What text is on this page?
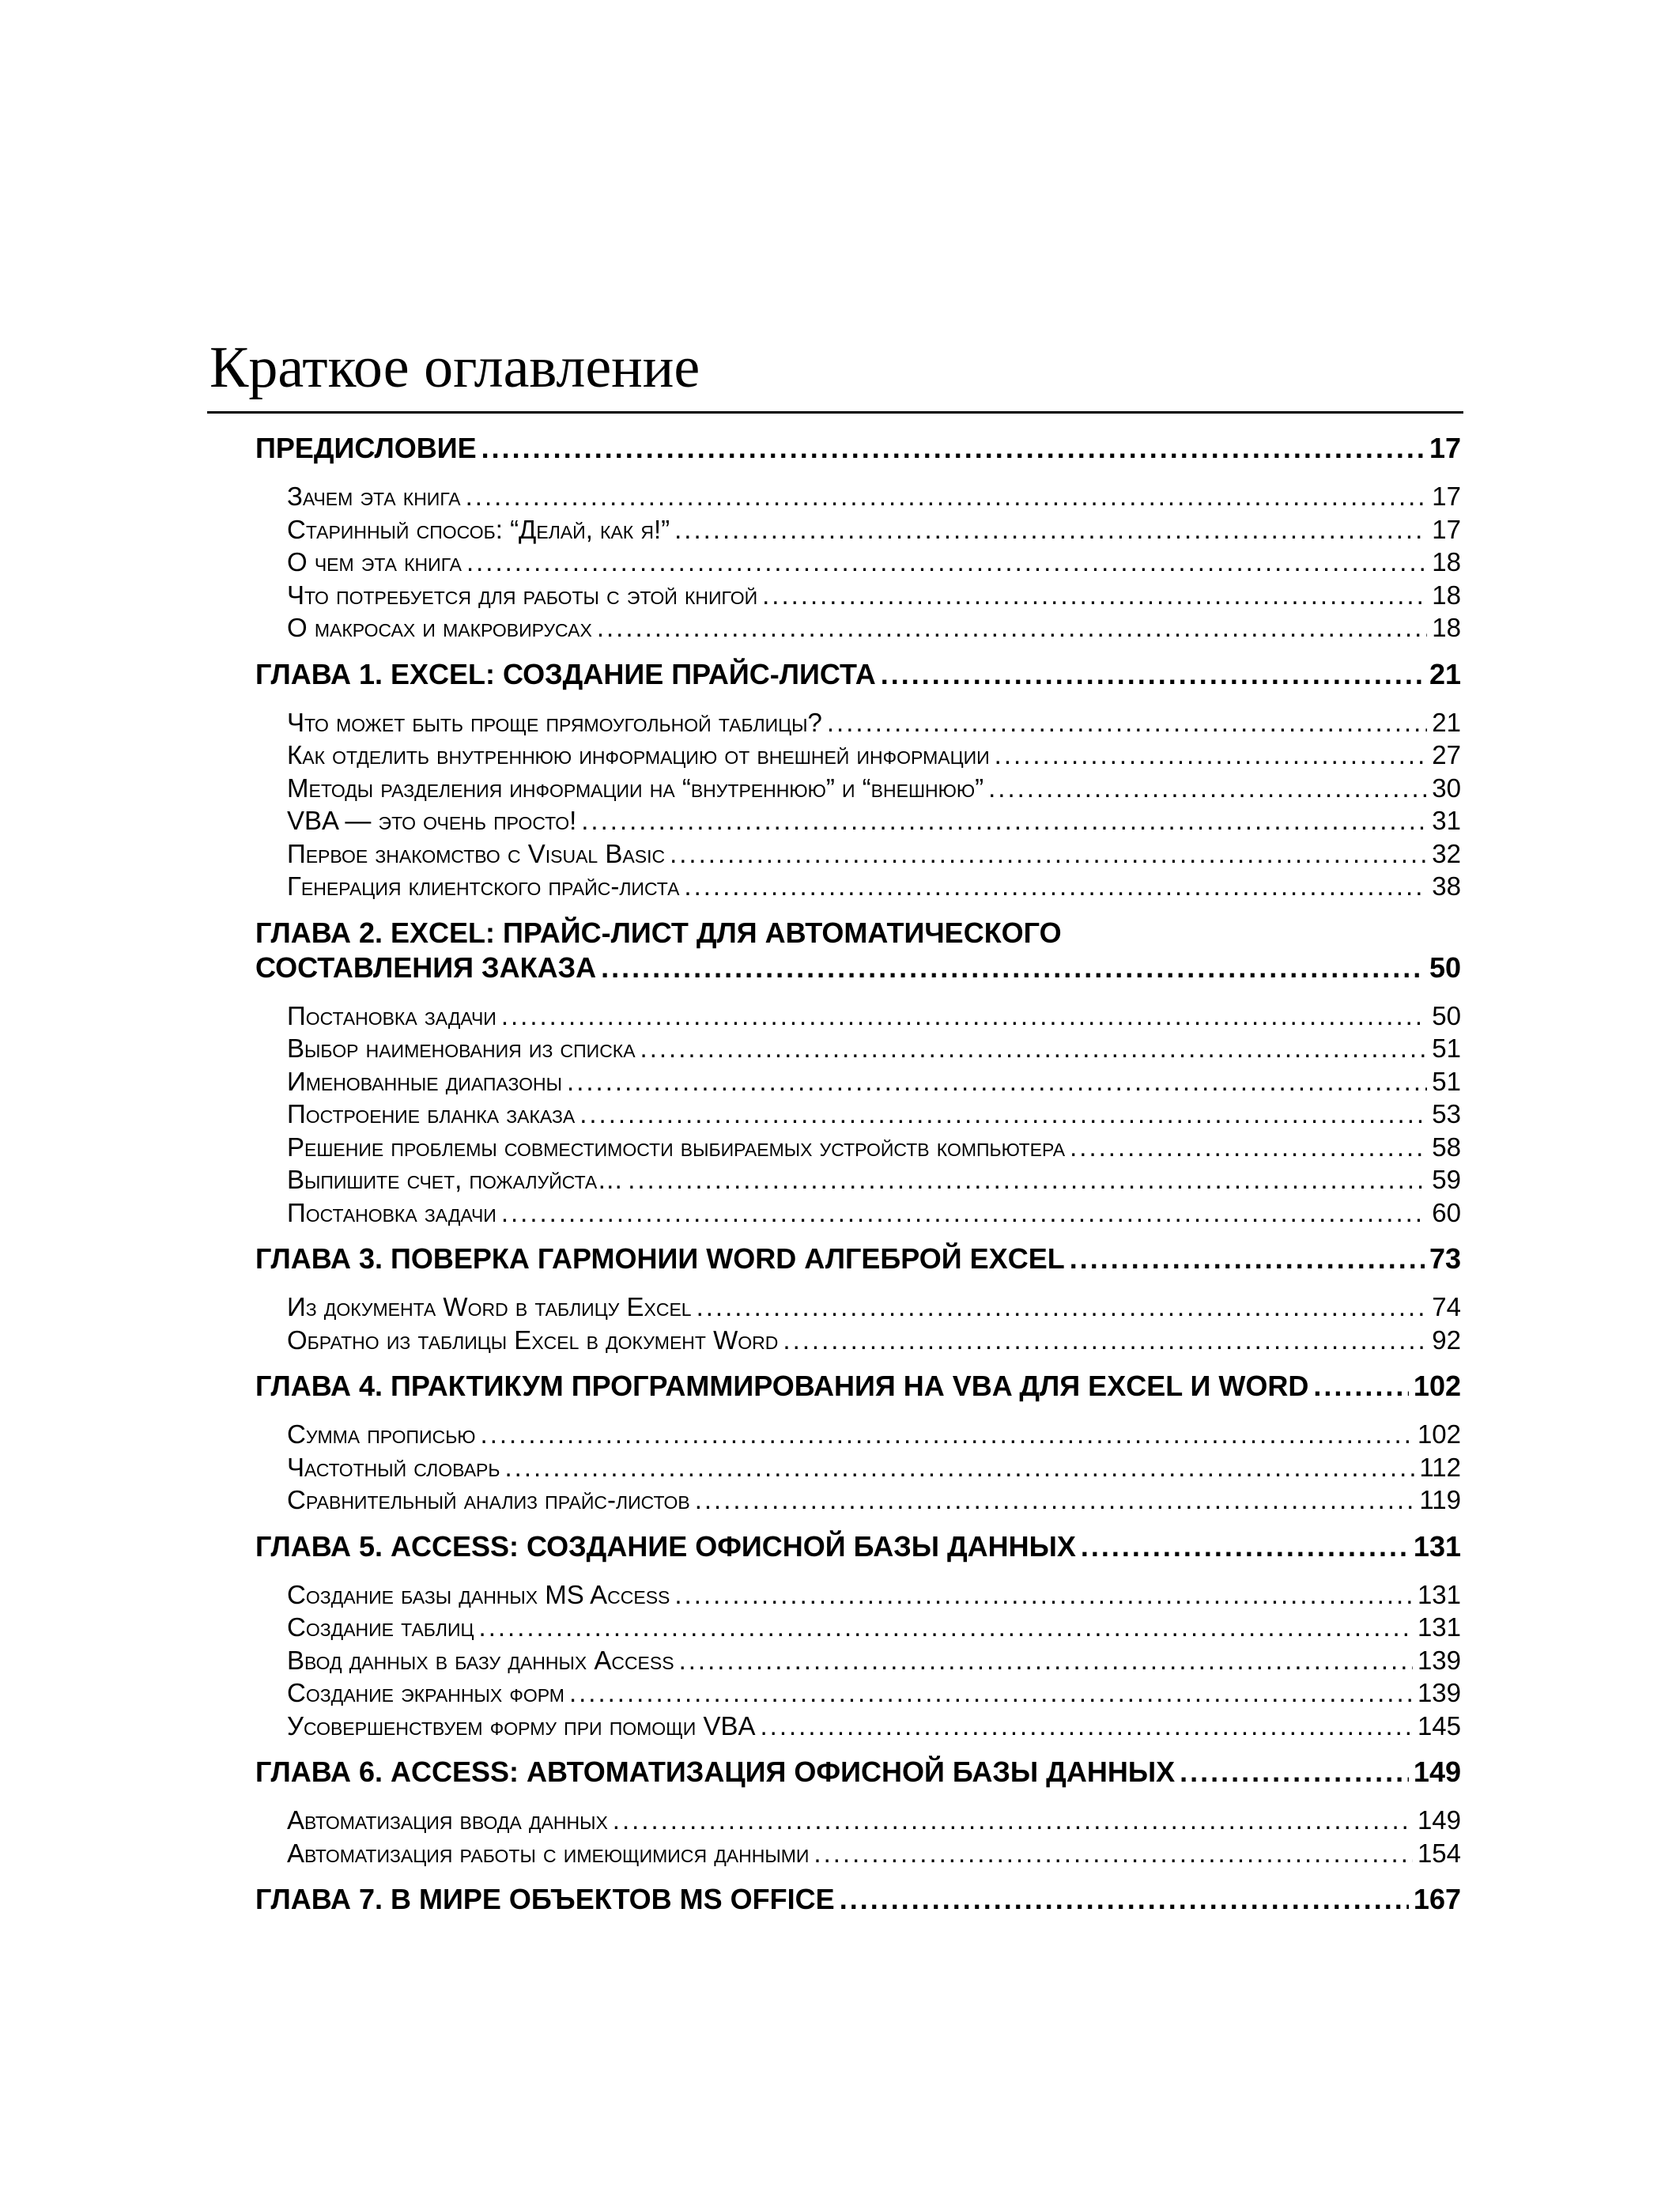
Краткое оглавление
ПРЕДИСЛОВИЕ .....	17
Зачем эта книга .....	17
Старинный способ: “Делай, как я!” .....	17
О чем эта книга .....	18
Что потребуется для работы с этой книгой .....	18
О макросах и макровирусах .....	18
ГЛАВА 1. EXCEL: СОЗДАНИЕ ПРАЙС-ЛИСТА .....	21
Что может быть проще прямоугольной таблицы? .....	21
Как отделить внутреннюю информацию от внешней информации .....	27
Методы разделения информации на “внутреннюю” и “внешнюю” .....	30
VBA — это очень просто! .....	31
Первое знакомство с Visual Basic .....	32
Генерация клиентского прайс-листа .....	38
ГЛАВА 2. EXCEL: ПРАЙС-ЛИСТ ДЛЯ АВТОМАТИЧЕСКОГО
СОСТАВЛЕНИЯ ЗАКАЗА .....	50
Постановка задачи .....	50
Выбор наименования из списка .....	51
Именованные диапазоны .....	51
Построение бланка заказа .....	53
Решение проблемы совместимости выбираемых устройств компьютера .....	58
Выпишите счет, пожалуйста… .....	59
Постановка задачи .....	60
ГЛАВА 3. ПОВЕРКА ГАРМОНИИ WORD АЛГЕБРОЙ EXCEL .....	73
Из документа Word в таблицу Excel .....	74
Обратно из таблицы Excel в документ Word .....	92
ГЛАВА 4. ПРАКТИКУМ ПРОГРАММИРОВАНИЯ НА VBA ДЛЯ EXCEL И WORD .....	102
Сумма прописью .....	102
Частотный словарь .....	112
Сравнительный анализ прайс-листов .....	119
ГЛАВА 5. ACCESS: СОЗДАНИЕ ОФИСНОЙ БАЗЫ ДАННЫХ .....	131
Создание базы данных MS Access .....	131
Создание таблиц .....	131
Ввод данных в базу данных Access .....	139
Создание экранных форм .....	139
Усовершенствуем форму при помощи VBA .....	145
ГЛАВА 6. ACCESS: АВТОМАТИЗАЦИЯ ОФИСНОЙ БАЗЫ ДАННЫХ .....	149
Автоматизация ввода данных .....	149
Автоматизация работы с имеющимися данными .....	154
ГЛАВА 7. В МИРЕ ОБЪЕКТОВ MS OFFICE .....	167
